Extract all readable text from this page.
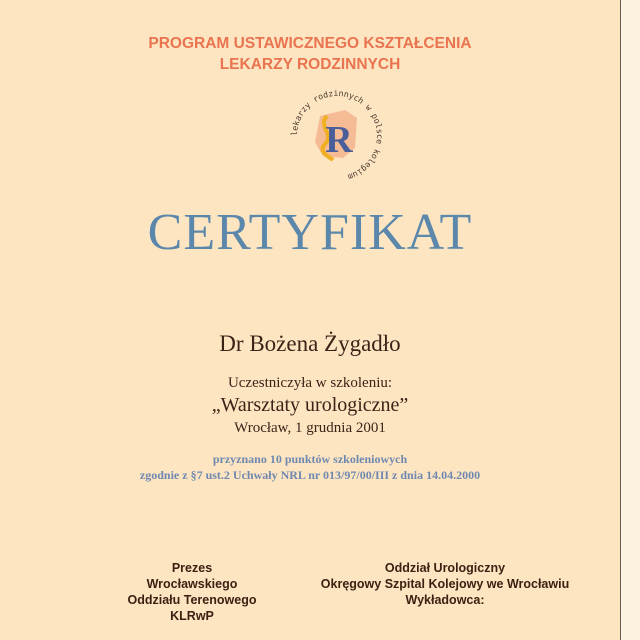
PROGRAM USTAWICZNEGO KSZTAŁCENIA
LEKARZY RODZINNYCH
R
lekarzy rodzinnych w polsce kolegium
CERTYFIKAT
Dr Bożena Żygadło
Uczestniczyła w szkoleniu:
„Warsztaty urologiczne”
Wrocław, 1 grudnia 2001
przyznano 10 punktów szkoleniowych
zgodnie z §7 ust.2 Uchwały NRL nr 013/97/00/III z dnia 14.04.2000
Prezes
Wrocławskiego
Oddziału Terenowego
KLRwP
Oddział Urologiczny
Okręgowy Szpital Kolejowy we Wrocławiu
Wykładowca:
